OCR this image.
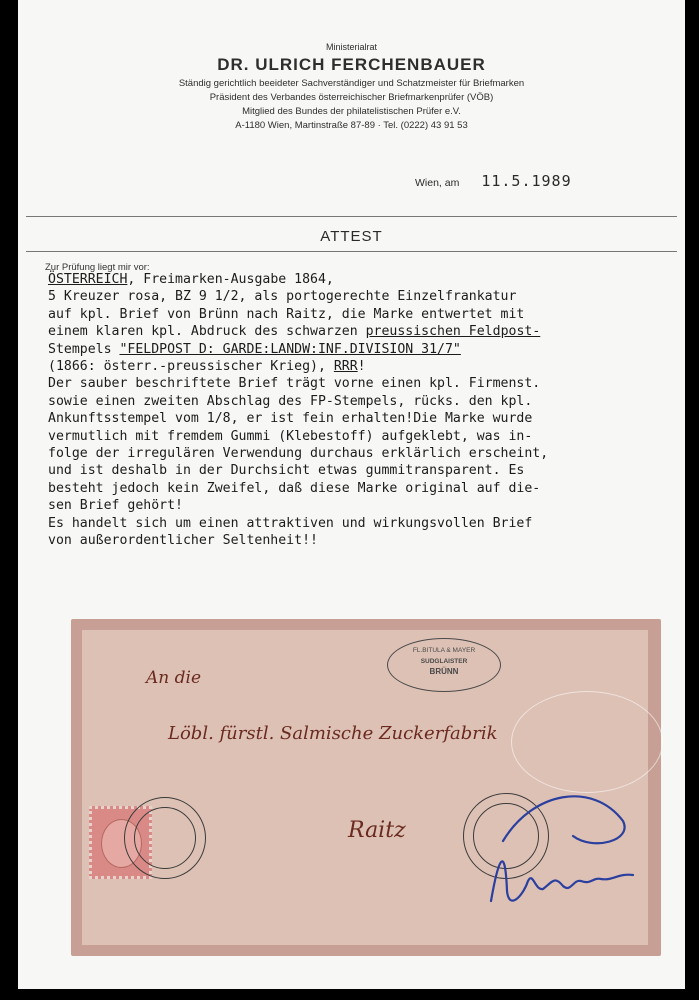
Ministerialrat
DR. ULRICH FERCHENBAUER
Ständig gerichtlich beeideter Sachverständiger und Schatzmeister für Briefmarken
Präsident des Verbandes österreichischer Briefmarkenprüfer (VÖB)
Mitglied des Bundes der philatelistischen Prüfer e.V.
A-1180 Wien, Martinstraße 87-89 · Tel. (0222) 43 91 53
Wien, am 11.5.1989
ATTEST
Zur Prüfung liegt mir vor:
ÖSTERREICH, Freimarken-Ausgabe 1864,
5 Kreuzer rosa, BZ 9 1/2, als portogerechte Einzelfrankatur
auf kpl. Brief von Brünn nach Raitz, die Marke entwertet mit
einem klaren kpl. Abdruck des schwarzen preussischen Feldpost-
Stempels "FELDPOST D: GARDE:LANDW:INF.DIVISION 31/7"
(1866: österr.-preussischer Krieg), RRR!
Der sauber beschriftete Brief trägt vorne einen kpl. Firmenst.
sowie einen zweiten Abschlag des FP-Stempels, rücks. den kpl.
Ankunftsstempel vom 1/8, er ist fein erhalten!Die Marke wurde
vermutlich mit fremdem Gummi (Klebestoff) aufgeklebt, was in-
folge der irregulären Verwendung durchaus erklärlich erscheint,
und ist deshalb in der Durchsicht etwas gummitransparent. Es
besteht jedoch kein Zweifel, daß diese Marke original auf die-
sen Brief gehört!
Es handelt sich um einen attraktiven und wirkungsvollen Brief
von außerordentlicher Seltenheit!!
FL.BITULA & MAYER
SUDGLAISTER
BRÜNN
An die
Löbl. fürstl. Salmische Zuckerfabrik
Raitz
